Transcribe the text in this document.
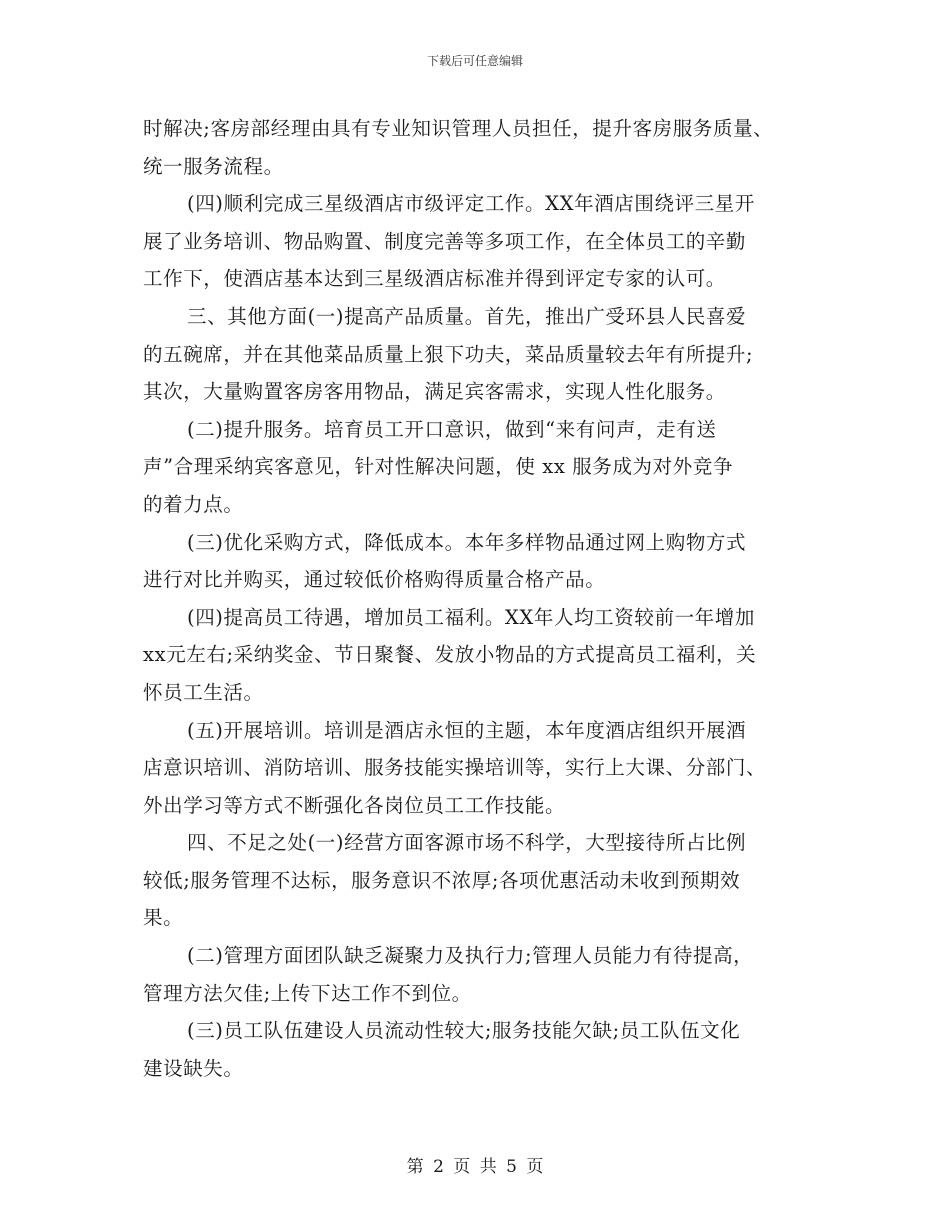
下载后可任意编辑
时解决;客房部经理由具有专业知识管理人员担任，提升客房服务质量、
统一服务流程。
(四)顺利完成三星级酒店市级评定工作。XX年酒店围绕评三星开
展了业务培训、物品购置、制度完善等多项工作，在全体员工的辛勤
工作下，使酒店基本达到三星级酒店标准并得到评定专家的认可。
三、其他方面(一)提高产品质量。首先，推出广受环县人民喜爱
的五碗席，并在其他菜品质量上狠下功夫，菜品质量较去年有所提升;
其次，大量购置客房客用物品，满足宾客需求，实现人性化服务。
(二)提升服务。培育员工开口意识，做到“来有问声，走有送
声”合理采纳宾客意见，针对性解决问题，使 xx 服务成为对外竞争
的着力点。
(三)优化采购方式，降低成本。本年多样物品通过网上购物方式
进行对比并购买，通过较低价格购得质量合格产品。
(四)提高员工待遇，增加员工福利。XX年人均工资较前一年增加
xx元左右;采纳奖金、节日聚餐、发放小物品的方式提高员工福利，关
怀员工生活。
(五)开展培训。培训是酒店永恒的主题，本年度酒店组织开展酒
店意识培训、消防培训、服务技能实操培训等，实行上大课、分部门、
外出学习等方式不断强化各岗位员工工作技能。
四、不足之处(一)经营方面客源市场不科学，大型接待所占比例
较低;服务管理不达标，服务意识不浓厚;各项优惠活动未收到预期效
果。
(二)管理方面团队缺乏凝聚力及执行力;管理人员能力有待提高，
管理方法欠佳;上传下达工作不到位。
(三)员工队伍建设人员流动性较大;服务技能欠缺;员工队伍文化
建设缺失。
第 2 页 共 5 页
